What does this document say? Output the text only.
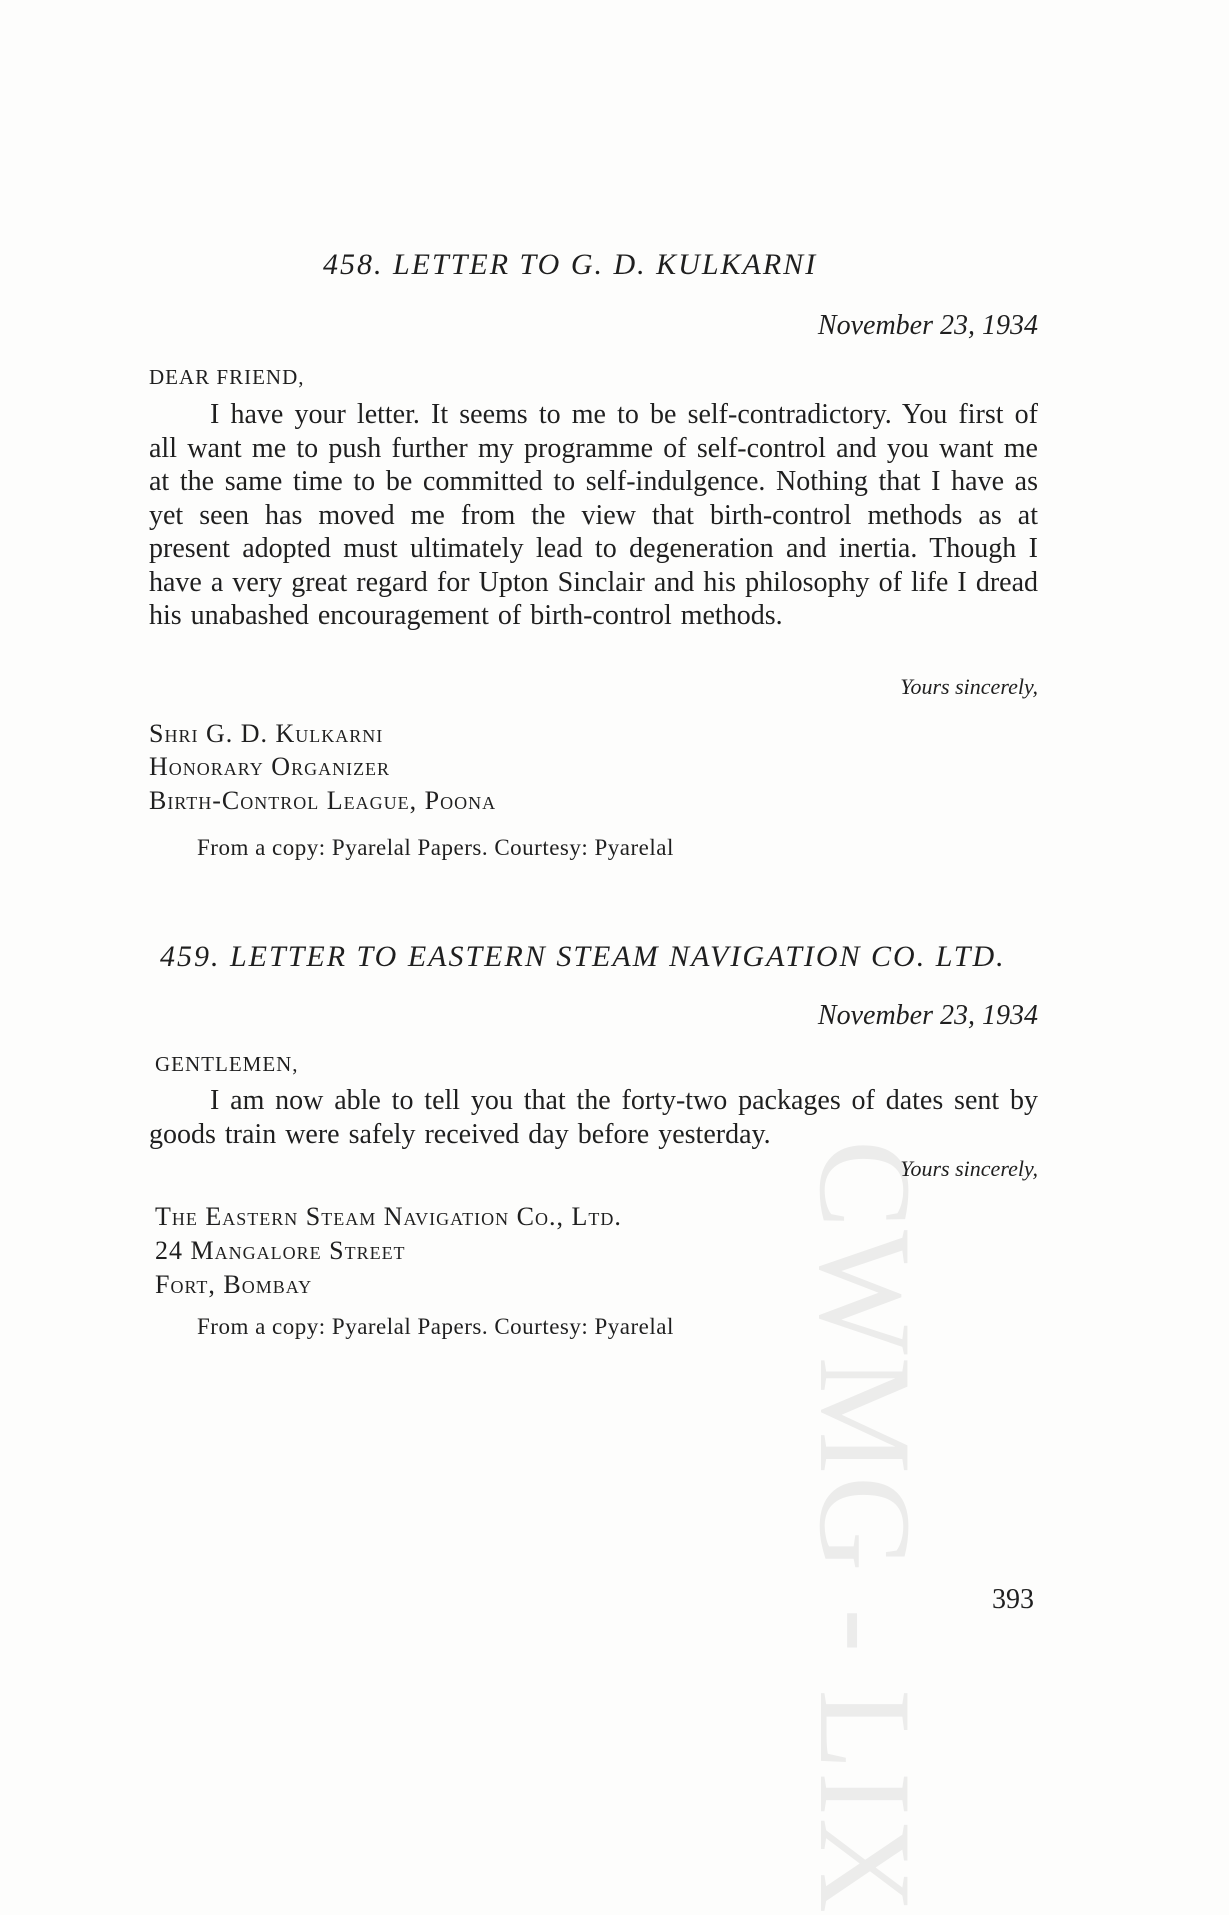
CWMG - LIX
458. LETTER TO G. D. KULKARNI
November 23, 1934
DEAR FRIEND,
I have your letter. It seems to me to be self-contradictory. You first of all want me to push further my programme of self-control and you want me at the same time to be committed to self-indulgence. Nothing that I have as yet seen has moved me from the view that birth-control methods as at present adopted must ultimately lead to degeneration and inertia. Though I have a very great regard for Upton Sinclair and his philosophy of life I dread his unabashed encouragement of birth-control methods.
Yours sincerely,
Shri G. D. Kulkarni
Honorary Organizer
Birth-Control League, Poona
From a copy: Pyarelal Papers. Courtesy: Pyarelal
459. LETTER TO EASTERN STEAM NAVIGATION CO. LTD.
November 23, 1934
GENTLEMEN,
I am now able to tell you that the forty-two packages of dates sent by goods train were safely received day before yesterday.
Yours sincerely,
The Eastern Steam Navigation Co., Ltd.
24 Mangalore Street
Fort, Bombay
From a copy: Pyarelal Papers. Courtesy: Pyarelal
393
